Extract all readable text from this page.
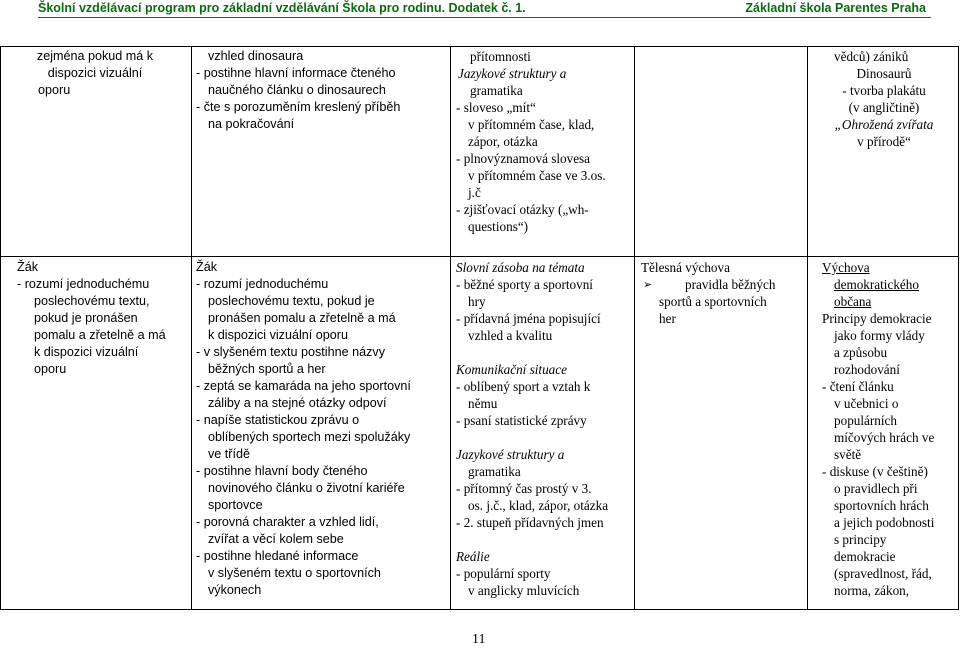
Školní vzdělávací program pro základní vzdělávání Škola pro rodinu. Dodatek č. 1.	Základní škola Parentes Praha
zejména pokud má k
dispozici vizuální
oporu
Žák
- rozumí jednoduchému
poslechovému textu,
pokud je pronášen
pomalu a zřetelně a má
k dispozici vizuální
oporu
vzhled dinosaura
- postihne hlavní informace čteného
naučného článku o dinosaurech
- čte s porozuměním kreslený příběh
na pokračování
Žák
- rozumí jednoduchému
poslechovému textu, pokud je
pronášen pomalu a zřetelně a má
k dispozici vizuální oporu
- v slyšeném textu postihne názvy
běžných sportů a her
- zeptá se kamaráda na jeho sportovní
záliby a na stejné otázky odpoví
- napíše statistickou zprávu o
oblíbených sportech mezi spolužáky
ve třídě
- postihne hlavní body čteného
novinového článku o životní kariéře
sportovce
- porovná charakter a vzhled lidí,
zvířat a věcí kolem sebe
- postihne hledané informace
v slyšeném textu o sportovních
výkonech
přítomnosti
Jazykové struktury a
gramatika
- sloveso „mít“
v přítomném čase, klad,
zápor, otázka
- plnovýznamová slovesa
v přítomném čase ve 3.os.
j.č
- zjišťovací otázky („wh-
questions“)
Slovní zásoba na témata
- běžné sporty a sportovní
hry
- přídavná jména popisující
vzhled a kvalitu
Komunikační situace
- oblíbený sport a vztah k
němu
- psaní statistické zprávy
Jazykové struktury a
gramatika
- přítomný čas prostý v 3.
os. j.č., klad, zápor, otázka
- 2. stupeň přídavných jmen
Reálie
- populární sporty
v anglicky mluvících
Tělesná výchova
➢ pravidla běžných
sportů a sportovních
her
vědců) zániků
Dinosaurů
- tvorba plakátu
(v angličtině)
„Ohrožená zvířata
v přírodě“
Výchova
demokratického
občana
Principy demokracie
jako formy vlády
a způsobu
rozhodování
- čtení článku
v učebnici o
populárních
míčových hrách ve
světě
- diskuse (v češtině)
o pravidlech při
sportovních hrách
a jejich podobnosti
s principy
demokracie
(spravedlnost, řád,
norma, zákon,
11
